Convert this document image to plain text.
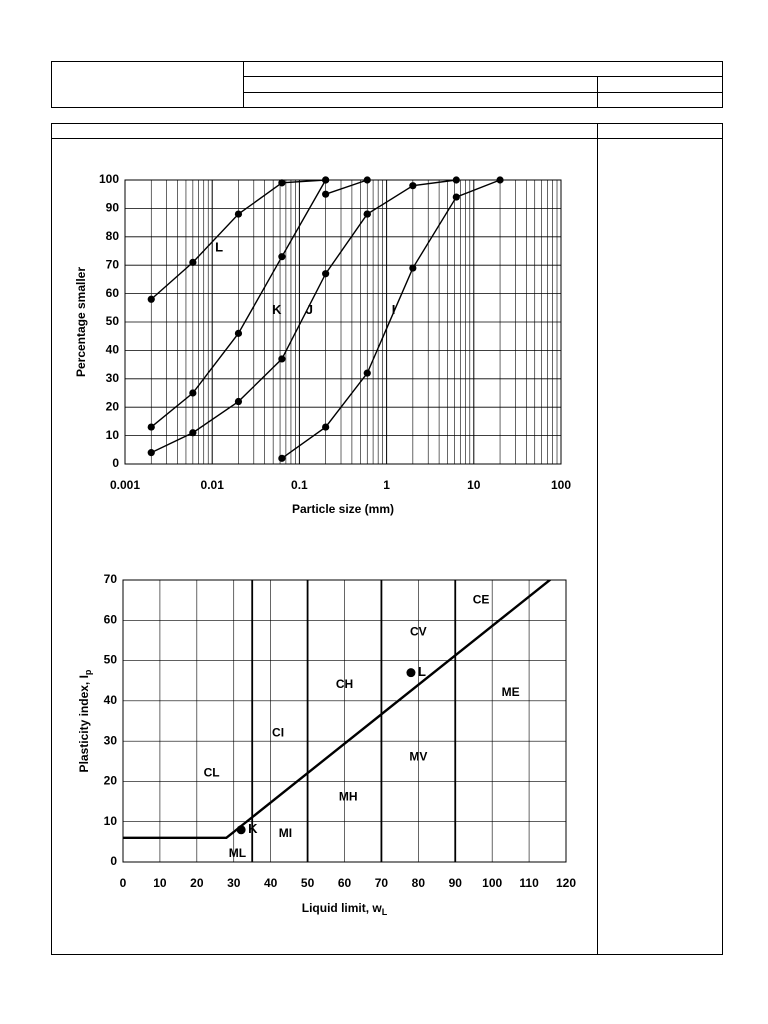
0.001	0.01	0.1	1	10	100
0
10
20
30
40
50
60
70
80
90
100
Particle size (mm)
Percentage smaller
L
K J	I
0 10 20 30 40 50 60 70 80 90 100 110 120
0
10
20
30
40
50
60
70
Liquid limit, $w_L$
Plasticity index, $I_p$
CL
CI
CH
CV
CE
ML
MI
MH
MV
ME
K
L
